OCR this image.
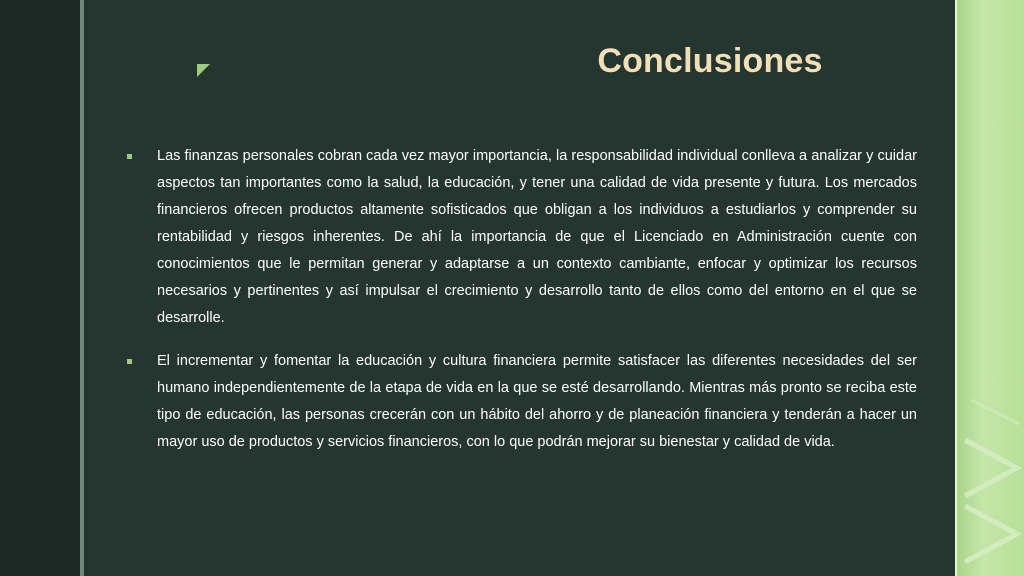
Conclusiones
Las finanzas personales cobran cada vez mayor importancia, la responsabilidad individual conlleva a analizar y cuidar aspectos tan importantes como la salud, la educación, y tener una calidad de vida presente y futura. Los mercados financieros ofrecen productos altamente sofisticados que obligan a los individuos a estudiarlos y comprender su rentabilidad y riesgos inherentes. De ahí la importancia de que el Licenciado en Administración cuente con conocimientos que le permitan generar y adaptarse a un contexto cambiante, enfocar y optimizar los recursos necesarios y pertinentes y así impulsar el crecimiento y desarrollo tanto de ellos como del entorno en el que se desarrolle.
El incrementar y fomentar la educación y cultura financiera permite satisfacer las diferentes necesidades del ser humano independientemente de la etapa de vida en la que se esté desarrollando. Mientras más pronto se reciba este tipo de educación, las personas crecerán con un hábito del ahorro y de planeación financiera y tenderán a hacer un mayor uso de productos y servicios financieros, con lo que podrán mejorar su bienestar y calidad de vida.
